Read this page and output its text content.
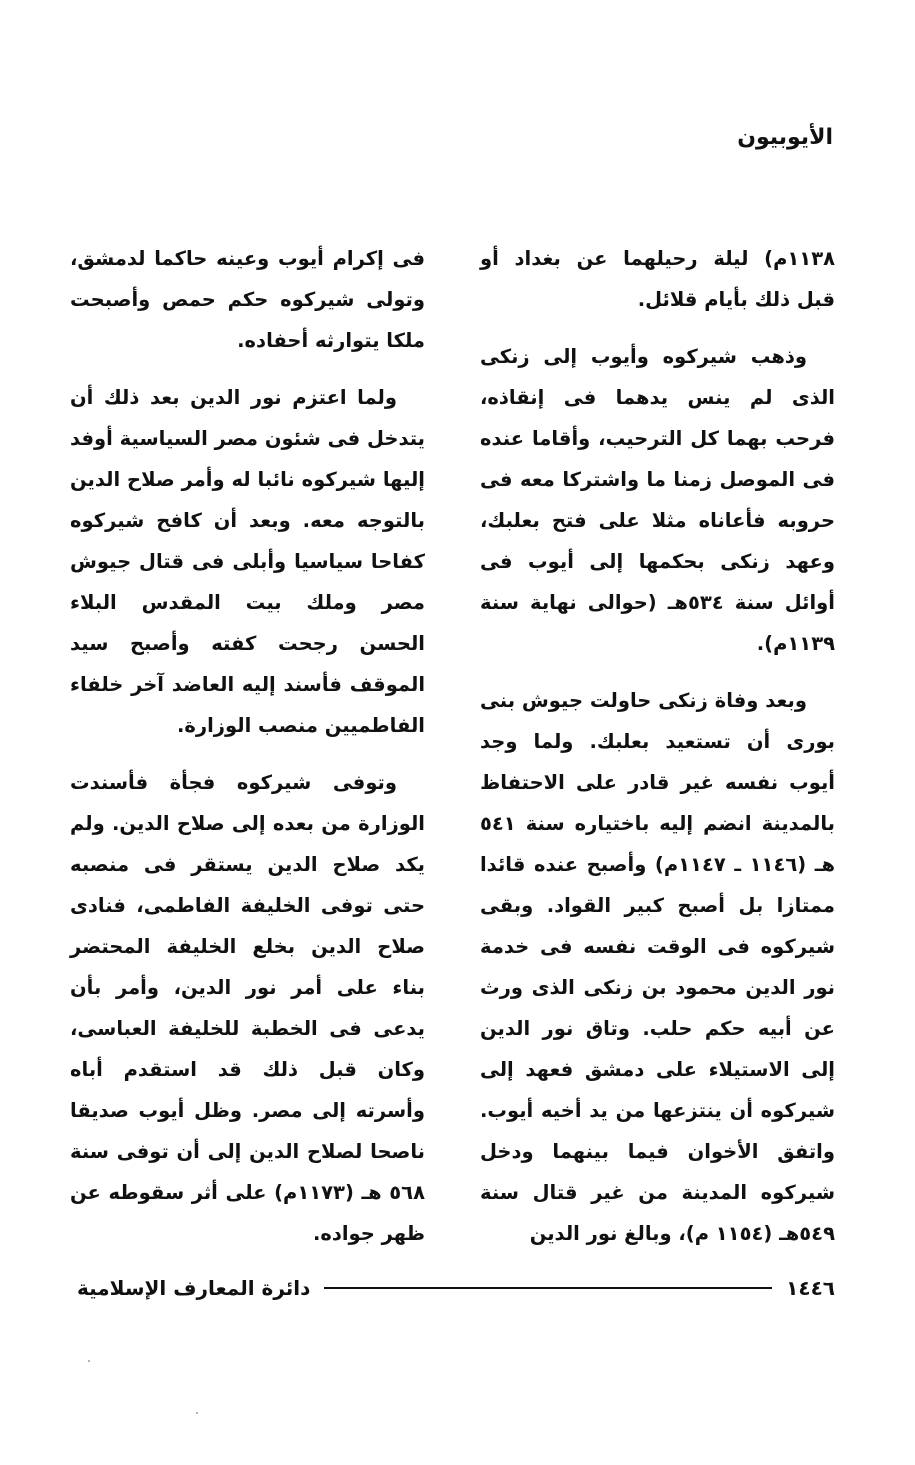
الأيوبيون

١١٣٨م) ليلة رحيلهما عن بغداد أو قبل ذلك بأيام قلائل.

وذهب شيركوه وأيوب إلى زنكى الذى لم ينس يدهما فى إنقاذه، فرحب بهما كل الترحيب، وأقاما عنده فى الموصل زمنا ما واشتركا معه فى حروبه فأعاناه مثلا على فتح بعلبك، وعهد زنكى بحكمها إلى أيوب فى أوائل سنة ٥٣٤هـ (حوالى نهاية سنة ١١٣٩م).

وبعد وفاة زنكى حاولت جيوش بنى بورى أن تستعيد بعلبك. ولما وجد أيوب نفسه غير قادر على الاحتفاظ بالمدينة انضم إليه باختياره سنة ٥٤١ هـ (١١٤٦ ـ ١١٤٧م) وأصبح عنده قائدا ممتازا بل أصبح كبير القواد. وبقى شيركوه فى الوقت نفسه فى خدمة نور الدين محمود بن زنكى الذى ورث عن أبيه حكم حلب. وتاق نور الدين إلى الاستيلاء على دمشق فعهد إلى شيركوه أن ينتزعها من يد أخيه أيوب. واتفق الأخوان فيما بينهما ودخل شيركوه المدينة من غير قتال سنة ٥٤٩هـ (١١٥٤ م)، وبالغ نور الدين

فى إكرام أيوب وعينه حاكما لدمشق، وتولى شيركوه حكم حمص وأصبحت ملكا يتوارثه أحفاده.

ولما اعتزم نور الدين بعد ذلك أن يتدخل فى شئون مصر السياسية أوفد إليها شيركوه نائبا له وأمر صلاح الدين بالتوجه معه. وبعد أن كافح شيركوه كفاحا سياسيا وأبلى فى قتال جيوش مصر وملك بيت المقدس البلاء الحسن رجحت كفته وأصبح سيد الموقف فأسند إليه العاضد آخر خلفاء الفاطميين منصب الوزارة.

وتوفى شيركوه فجأة فأسندت الوزارة من بعده إلى صلاح الدين. ولم يكد صلاح الدين يستقر فى منصبه حتى توفى الخليفة الفاطمى، فنادى صلاح الدين بخلع الخليفة المحتضر بناء على أمر نور الدين، وأمر بأن يدعى فى الخطبة للخليفة العباسى، وكان قبل ذلك قد استقدم أباه وأسرته إلى مصر. وظل أيوب صديقا ناصحا لصلاح الدين إلى أن توفى سنة ٥٦٨ هـ (١١٧٣م) على أثر سقوطه عن ظهر جواده.

١٤٤٦
دائرة المعارف الإسلامية
